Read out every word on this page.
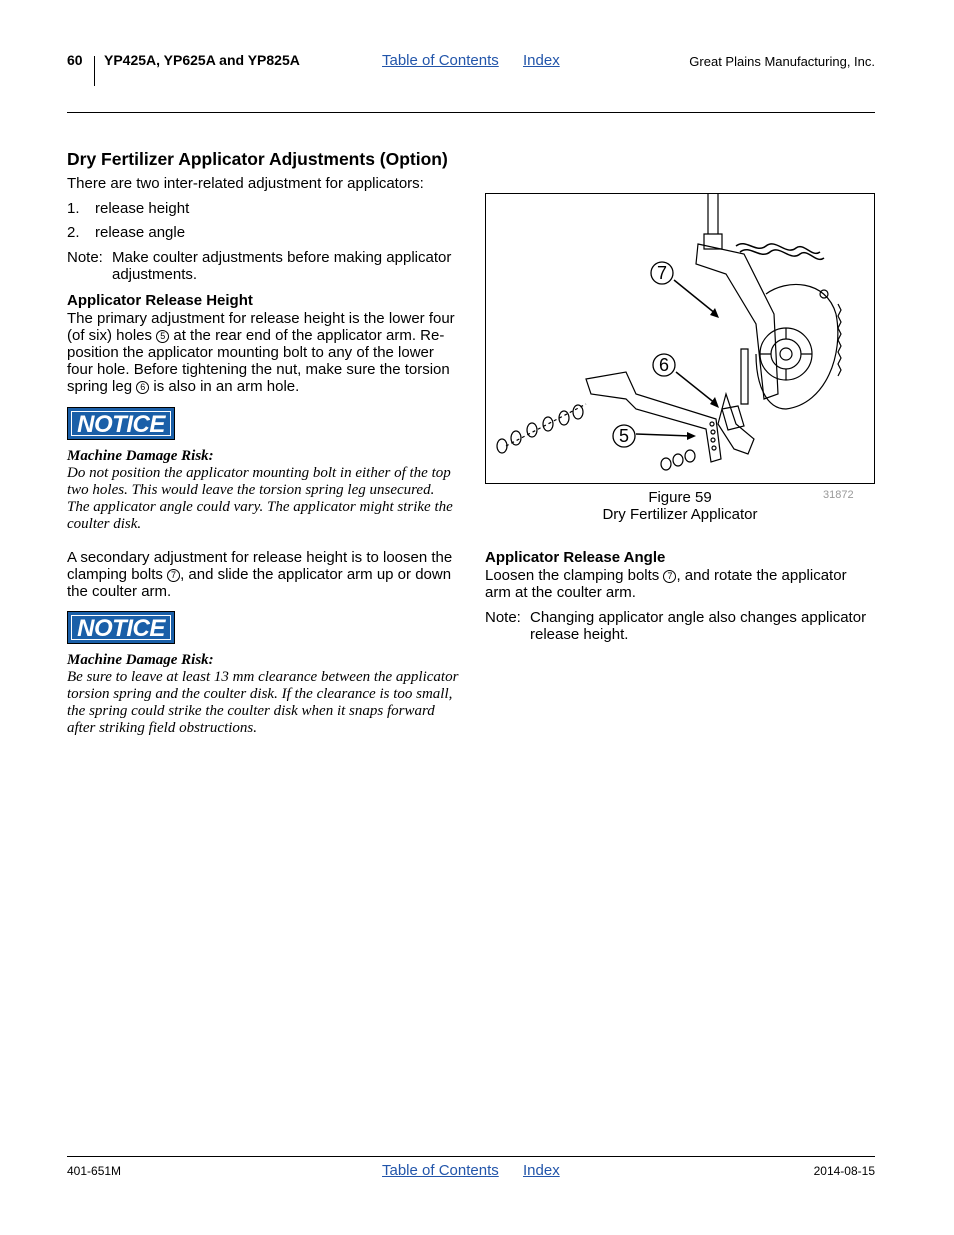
60 YP425A, YP625A and YP825A	Table of Contents Index	Great Plains Manufacturing, Inc.
Dry Fertilizer Applicator Adjustments (Option)
There are two inter-related adjustment for applicators:
1. release height
2. release angle
Note: Make coulter adjustments before making applicator adjustments.
Applicator Release Height
The primary adjustment for release height is the lower four (of six) holes 5 at the rear end of the applicator arm. Re-position the applicator mounting bolt to any of the lower four hole. Before tightening the nut, make sure the torsion spring leg 6 is also in an arm hole.
NOTICE
Machine Damage Risk:
Do not position the applicator mounting bolt in either of the top two holes. This would leave the torsion spring leg unsecured. The applicator angle could vary. The applicator might strike the coulter disk.
A secondary adjustment for release height is to loosen the clamping bolts 7 , and slide the applicator arm up or down the coulter arm.
NOTICE
Machine Damage Risk:
Be sure to leave at least 13 mm clearance between the applicator torsion spring and the coulter disk. If the clearance is too small, the spring could strike the coulter disk when it snaps forward after striking field obstructions.
7
6
5
Figure 59
Dry Fertilizer Applicator
31872
Applicator Release Angle
Loosen the clamping bolts 7 , and rotate the applicator arm at the coulter arm.
Note: Changing applicator angle also changes applicator release height.
401-651M	Table of Contents Index	2014-08-15
